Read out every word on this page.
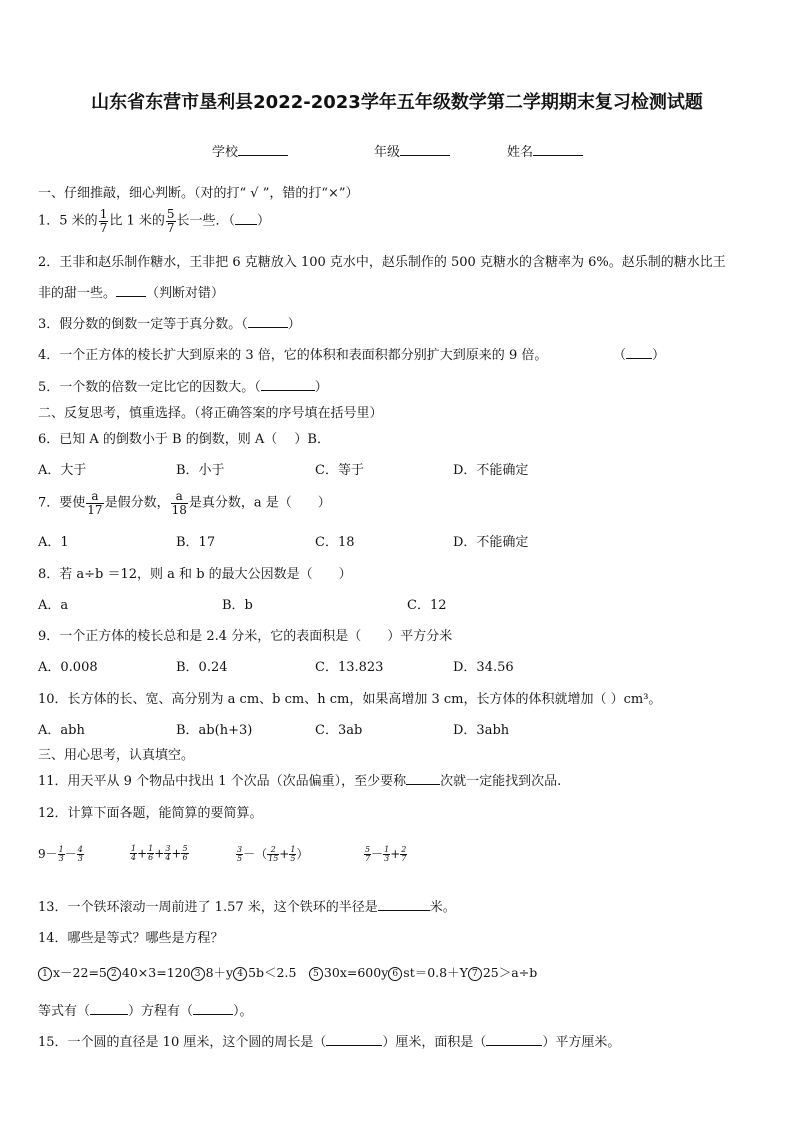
山东省东营市垦利县2022-2023学年五年级数学第二学期期末复习检测试题
学校	年级	姓名
一、仔细推敲，细心判断。（对的打“ √ ”，错的打“×”）
1．5 米的 $\frac{1}{7}$ 比 1 米的 $\frac{5}{7}$ 长一些．（ ）
2．王非和赵乐制作糖水，王非把 6 克糖放入 100 克水中，赵乐制作的 500 克糖水的含糖率为 6%。赵乐制的糖水比王
非的甜一些。 （判断对错）
3．假分数的倒数一定等于真分数。（	）
4．一个正方体的棱长扩大到原来的 3 倍，它的体积和表面积都分别扩大到原来的 9 倍。	（ ）
5．一个数的倍数一定比它的因数大。（	）
二、反复思考，慎重选择。（将正确答案的序号填在括号里）
6．已知 A 的倒数小于 B 的倒数，则 A（　 ）B．
A．大于	B．小于	C．等于	D．不能确定
7．要使 $\frac{a}{17}$ 是假分数， $\frac{a}{18}$ 是真分数，a 是（　　）
A．1	B．17	C．18	D．不能确定
8．若 a÷b ＝12，则 a 和 b 的最大公因数是（　　）
A．a	B．b	C．12
9．一个正方体的棱长总和是 2.4 分米，它的表面积是（　　）平方分米
A．0.008	B．0.24	C．13.823	D．34.56
10．长方体的长、宽、高分别为 a cm、b cm、h cm，如果高增加 3 cm，长方体的体积就增加（ ）cm³。
A．abh	B．ab(h+3)	C．3ab	D．3abh
三、用心思考，认真填空。
11．用天平从 9 个物品中找出 1 个次品（次品偏重），至少要称	次就一定能找到次品.
12．计算下面各题，能简算的要简算。
$9- \frac{1}{3} - \frac{4}{3}$	$\frac{1}{4} + \frac{1}{6} + \frac{3}{4} + \frac{5}{6}$	$\frac{3}{5}$ －（ $\frac{2}{15} + \frac{1}{5}$ ）	$\frac{5}{7} - \frac{1}{3} + \frac{2}{7}$
13．一个铁环滚动一周前进了 1.57 米，这个铁环的半径是	米。
14．哪些是等式？哪些是方程？
1 x－22=5 2 40×3=120 3 8＋y 4 5b＜2.5　5 30x=600y 6 st＝0.8＋Y 7 25＞a÷b
等式有（	）方程有（	）。
15．一个圆的直径是 10 厘米，这个圆的周长是（	）厘米，面积是（	）平方厘米。
